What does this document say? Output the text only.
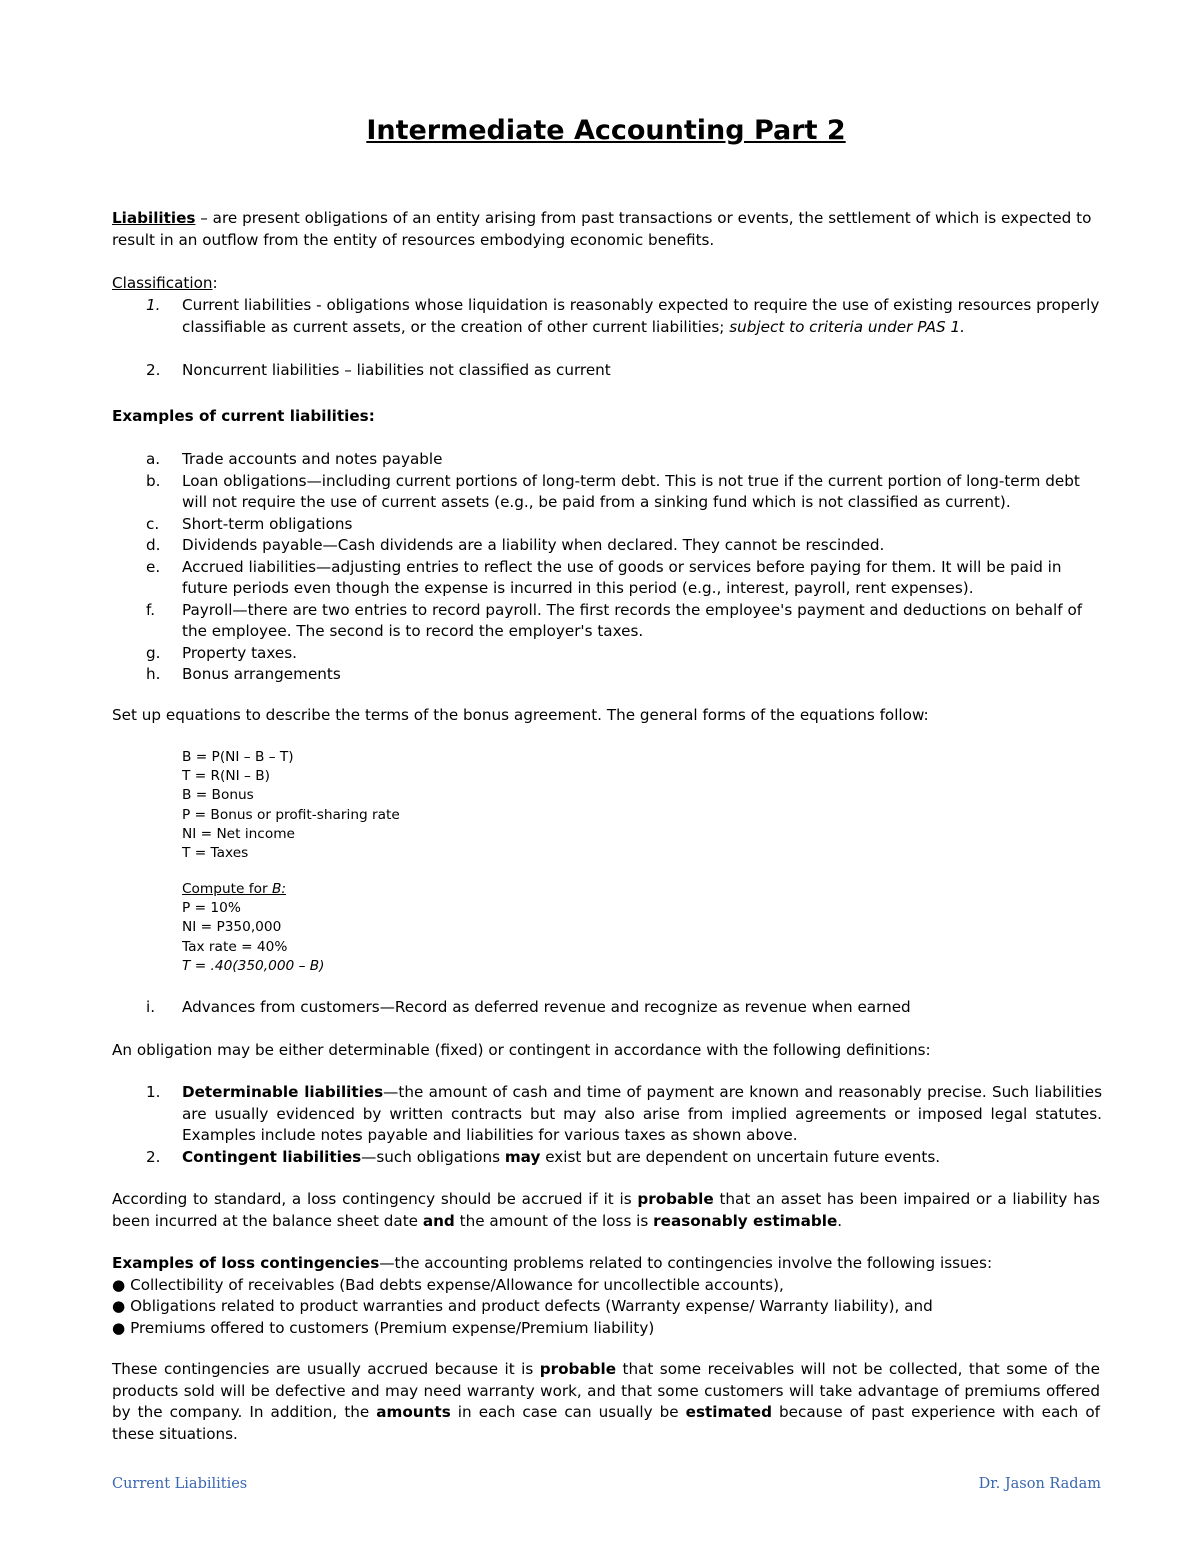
Intermediate Accounting Part 2
Liabilities – are present obligations of an entity arising from past transactions or events, the settlement of which is expected to result in an outflow from the entity of resources embodying economic benefits.
Classification:
1. Current liabilities - obligations whose liquidation is reasonably expected to require the use of existing resources properly classifiable as current assets, or the creation of other current liabilities; subject to criteria under PAS 1.
2. Noncurrent liabilities – liabilities not classified as current
Examples of current liabilities:
a. Trade accounts and notes payable
b. Loan obligations—including current portions of long-term debt. This is not true if the current portion of long-term debt will not require the use of current assets (e.g., be paid from a sinking fund which is not classified as current).
c. Short-term obligations
d. Dividends payable—Cash dividends are a liability when declared. They cannot be rescinded.
e. Accrued liabilities—adjusting entries to reflect the use of goods or services before paying for them. It will be paid in future periods even though the expense is incurred in this period (e.g., interest, payroll, rent expenses).
f. Payroll—there are two entries to record payroll. The first records the employee's payment and deductions on behalf of the employee. The second is to record the employer's taxes.
g. Property taxes.
h. Bonus arrangements
Set up equations to describe the terms of the bonus agreement. The general forms of the equations follow:
B = P(NI – B – T)
T = R(NI – B)
B = Bonus
P = Bonus or profit-sharing rate
NI = Net income
T = Taxes
Compute for B:
P = 10%
NI = P350,000
Tax rate = 40%
T = .40(350,000 – B)
i. Advances from customers—Record as deferred revenue and recognize as revenue when earned
An obligation may be either determinable (fixed) or contingent in accordance with the following definitions:
1. Determinable liabilities—the amount of cash and time of payment are known and reasonably precise. Such liabilities are usually evidenced by written contracts but may also arise from implied agreements or imposed legal statutes. Examples include notes payable and liabilities for various taxes as shown above.
2. Contingent liabilities—such obligations may exist but are dependent on uncertain future events.
According to standard, a loss contingency should be accrued if it is probable that an asset has been impaired or a liability has been incurred at the balance sheet date and the amount of the loss is reasonably estimable.
Examples of loss contingencies—the accounting problems related to contingencies involve the following issues:
● Collectibility of receivables (Bad debts expense/Allowance for uncollectible accounts),
● Obligations related to product warranties and product defects (Warranty expense/ Warranty liability), and
● Premiums offered to customers (Premium expense/Premium liability)
These contingencies are usually accrued because it is probable that some receivables will not be collected, that some of the products sold will be defective and may need warranty work, and that some customers will take advantage of premiums offered by the company. In addition, the amounts in each case can usually be estimated because of past experience with each of these situations.
Current Liabilities	Dr. Jason Radam
